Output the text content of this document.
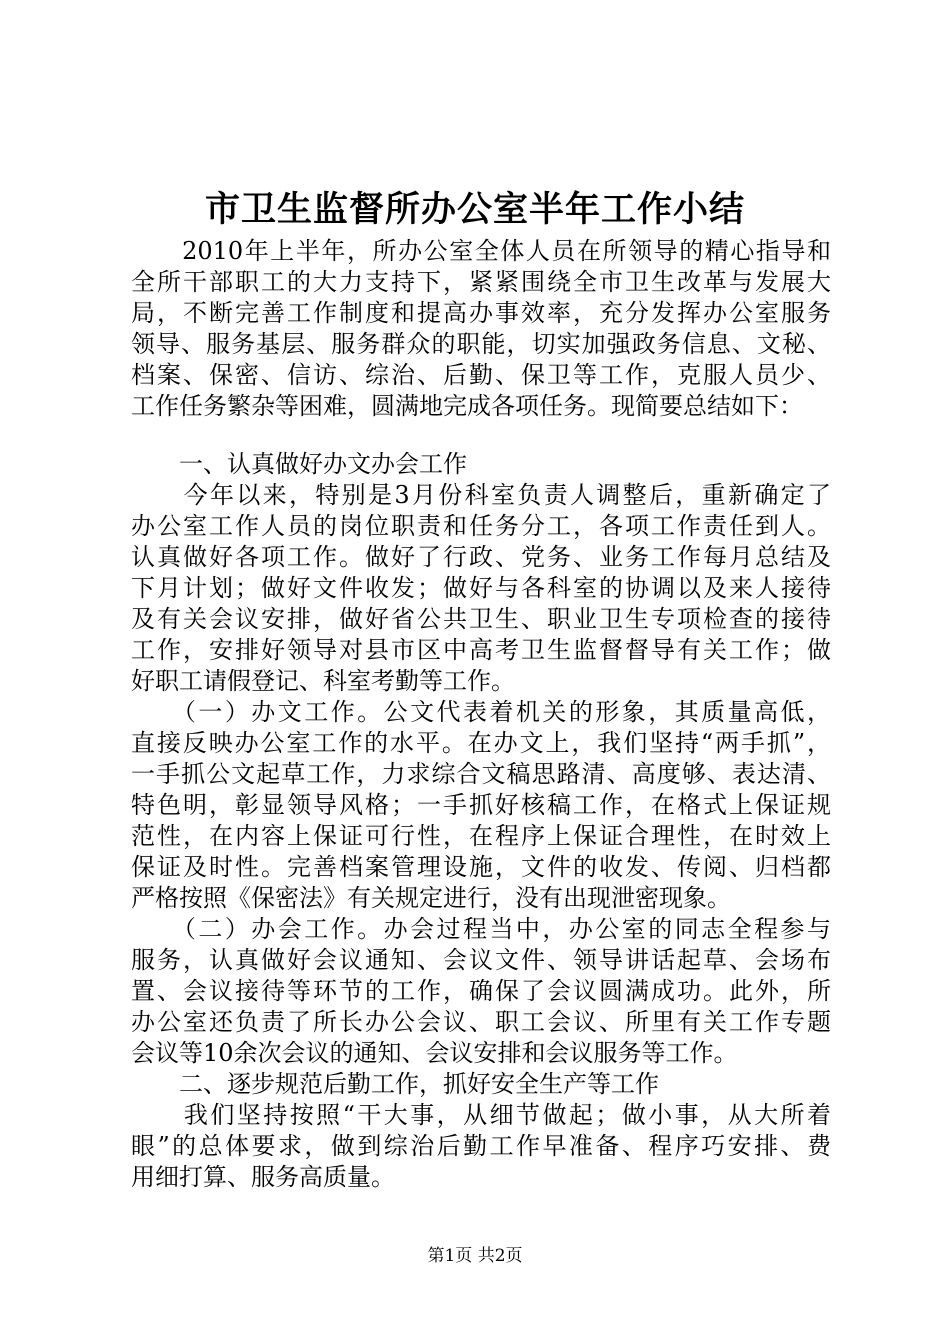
市卫生监督所办公室半年工作小结

　　2010年上半年，所办公室全体人员在所领导的精心指导和
全所干部职工的大力支持下，紧紧围绕全市卫生改革与发展大
局，不断完善工作制度和提高办事效率，充分发挥办公室服务
领导、服务基层、服务群众的职能，切实加强政务信息、文秘、
档案、保密、信访、综治、后勤、保卫等工作，克服人员少、
工作任务繁杂等困难，圆满地完成各项任务。现简要总结如下：

　　一、认真做好办文办会工作

　　今年以来，特别是3月份科室负责人调整后，重新确定了
办公室工作人员的岗位职责和任务分工，各项工作责任到人。
认真做好各项工作。做好了行政、党务、业务工作每月总结及
下月计划；做好文件收发；做好与各科室的协调以及来人接待
及有关会议安排，做好省公共卫生、职业卫生专项检查的接待
工作，安排好领导对县市区中高考卫生监督督导有关工作；做
好职工请假登记、科室考勤等工作。

　　（一）办文工作。公文代表着机关的形象，其质量高低，
直接反映办公室工作的水平。在办文上，我们坚持“两手抓”，
一手抓公文起草工作，力求综合文稿思路清、高度够、表达清、
特色明，彰显领导风格；一手抓好核稿工作，在格式上保证规
范性，在内容上保证可行性，在程序上保证合理性，在时效上
保证及时性。完善档案管理设施，文件的收发、传阅、归档都
严格按照《保密法》有关规定进行，没有出现泄密现象。

　　（二）办会工作。办会过程当中，办公室的同志全程参与
服务，认真做好会议通知、会议文件、领导讲话起草、会场布
置、会议接待等环节的工作，确保了会议圆满成功。此外，所
办公室还负责了所长办公会议、职工会议、所里有关工作专题
会议等10余次会议的通知、会议安排和会议服务等工作。

　　二、逐步规范后勤工作，抓好安全生产等工作

　　我们坚持按照“干大事，从细节做起；做小事，从大所着
眼”的总体要求，做到综治后勤工作早准备、程序巧安排、费
用细打算、服务高质量。

第1页 共2页
